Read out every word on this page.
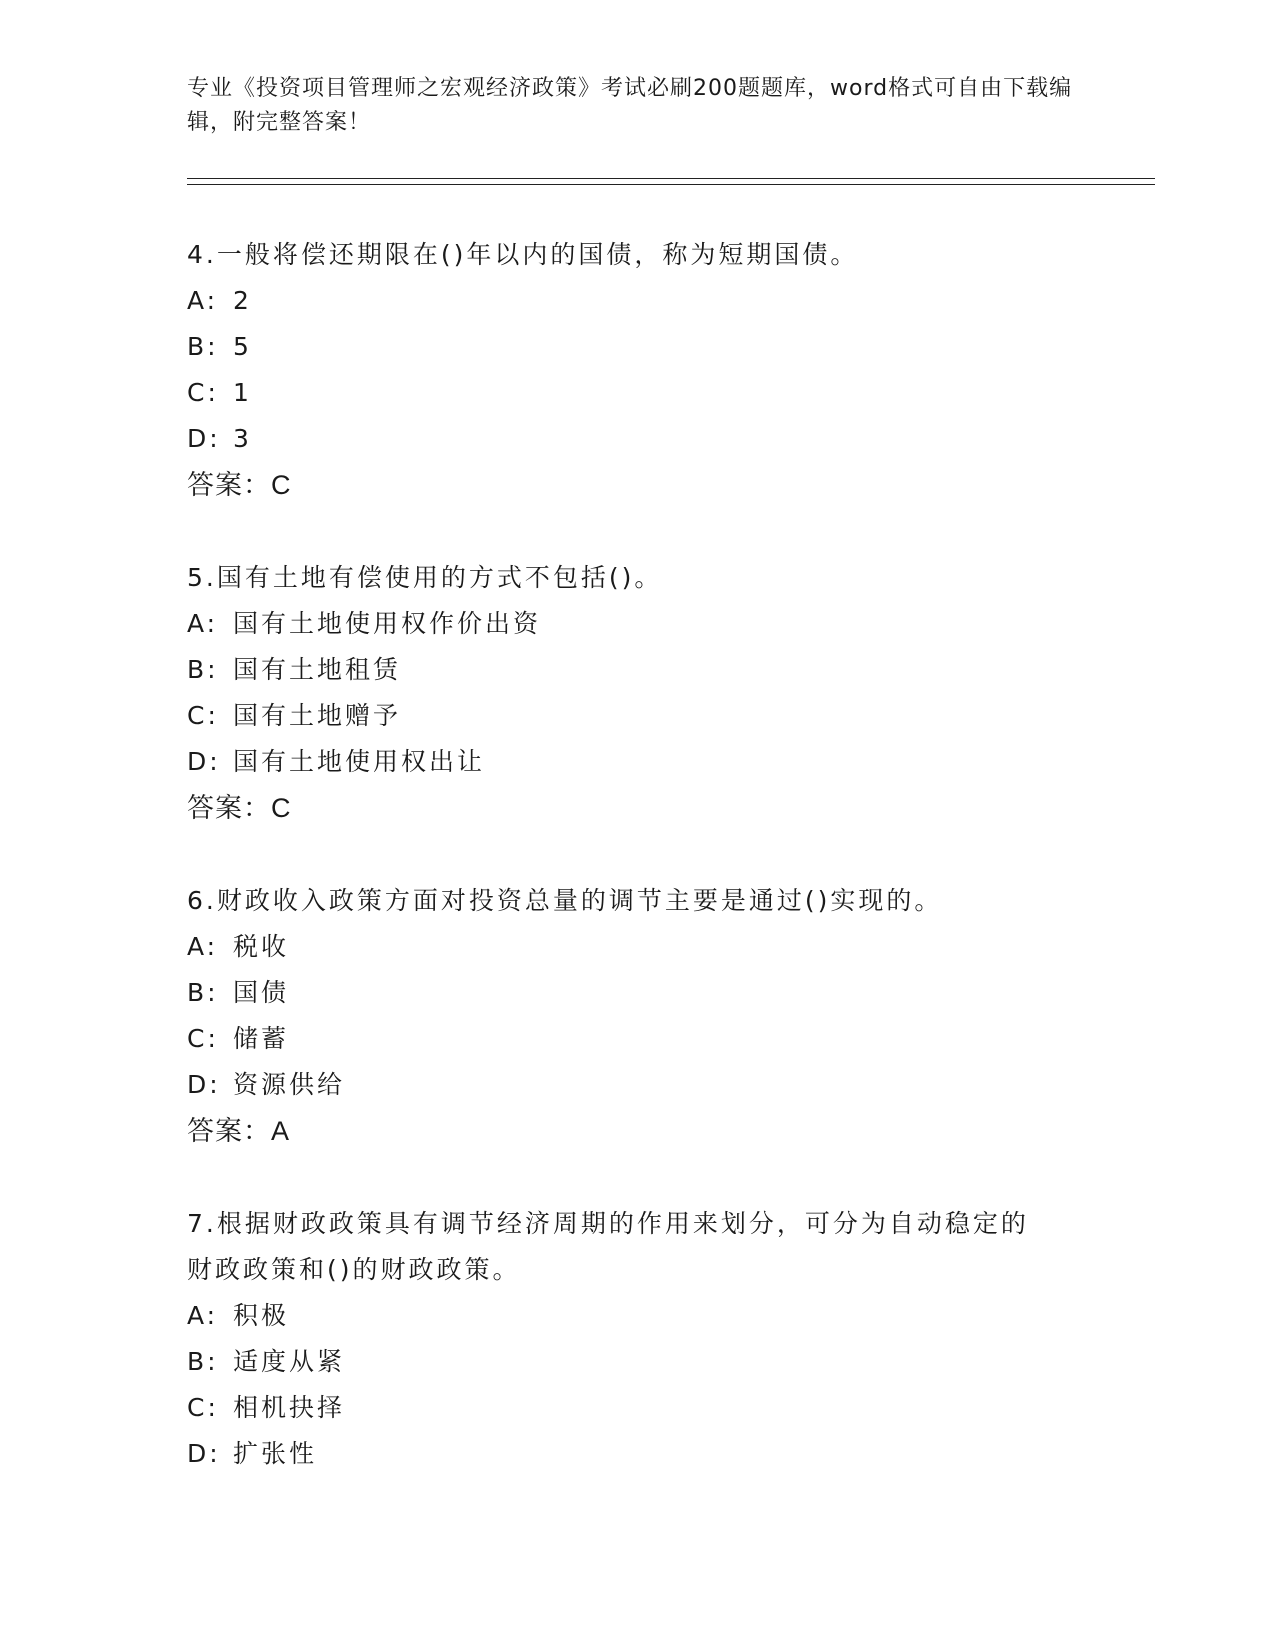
专业《投资项目管理师之宏观经济政策》考试必刷200题题库，word格式可自由下载编辑，附完整答案！
4.一般将偿还期限在()年以内的国债，称为短期国债。
A: 2
B: 5
C: 1
D: 3
答案：C
5.国有土地有偿使用的方式不包括()。
A: 国有土地使用权作价出资
B: 国有土地租赁
C: 国有土地赠予
D: 国有土地使用权出让
答案：C
6.财政收入政策方面对投资总量的调节主要是通过()实现的。
A: 税收
B: 国债
C: 储蓄
D: 资源供给
答案：A
7.根据财政政策具有调节经济周期的作用来划分，可分为自动稳定的
财政政策和()的财政政策。
A: 积极
B: 适度从紧
C: 相机抉择
D: 扩张性
